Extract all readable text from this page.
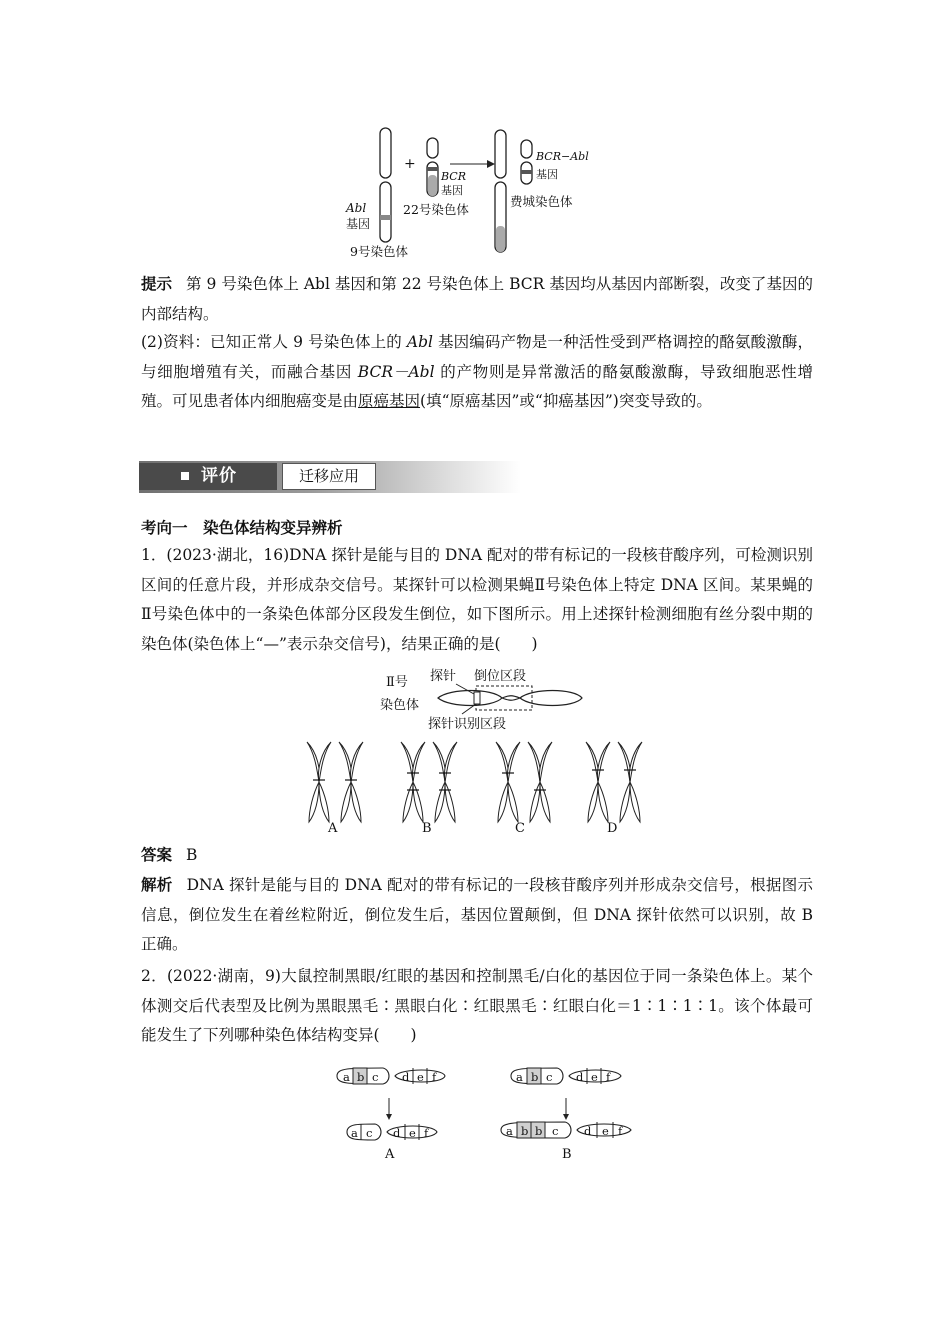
Abl
基因
9号染色体
+
BCR
基因
22号染色体
BCR−Abl
基因
费城染色体
提示 第 9 号染色体上 Abl 基因和第 22 号染色体上 BCR 基因均从基因内部断裂，改变了基因的内部结构。
(2)资料：已知正常人 9 号染色体上的 Abl 基因编码产物是一种活性受到严格调控的酪氨酸激酶，与细胞增殖有关，而融合基因 BCR－Abl 的产物则是异常激活的酪氨酸激酶，导致细胞恶性增殖。可见患者体内细胞癌变是由原癌基因(填“原癌基因”或“抑癌基因”)突变导致的。
评价	迁移应用
考向一　染色体结构变异辨析
1．(2023·湖北，16)DNA 探针是能与目的 DNA 配对的带有标记的一段核苷酸序列，可检测识别区间的任意片段，并形成杂交信号。某探针可以检测果蝇Ⅱ号染色体上特定 DNA 区间。某果蝇的Ⅱ号染色体中的一条染色体部分区段发生倒位，如下图所示。用上述探针检测细胞有丝分裂中期的染色体(染色体上“—”表示杂交信号)，结果正确的是(　　)
Ⅱ号
染色体
探针 倒位区段
探针识别区段
A	B	C	D
答案 B
解析 DNA 探针是能与目的 DNA 配对的带有标记的一段核苷酸序列并形成杂交信号，根据图示信息，倒位发生在着丝粒附近，倒位发生后，基因位置颠倒，但 DNA 探针依然可以识别，故 B 正确。
2．(2022·湖南，9)大鼠控制黑眼/红眼的基因和控制黑毛/白化的基因位于同一条染色体上。某个体测交后代表型及比例为黑眼黑毛∶黑眼白化∶红眼黑毛∶红眼白化＝1∶1∶1∶1。该个体最可能发生了下列哪种染色体结构变异(　　)
a b c d e f
a c d e f
A
a b c d e f
a b b c d e f
B
